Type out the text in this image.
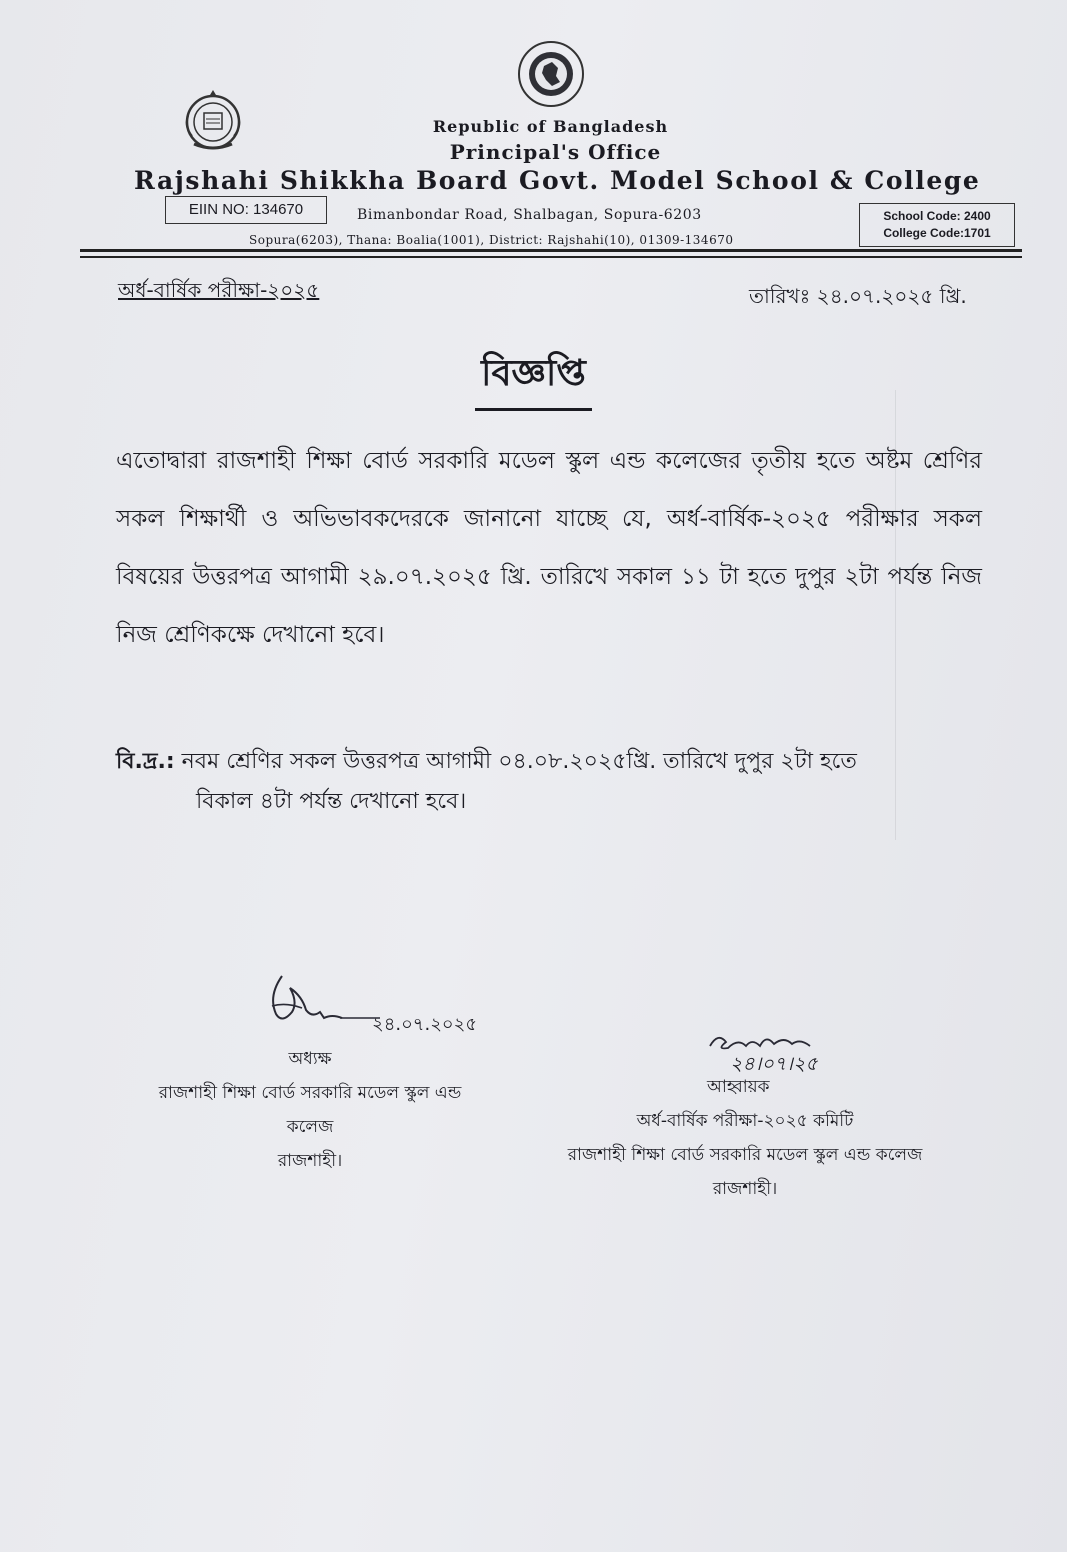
Republic of Bangladesh
Principal's Office
Rajshahi Shikkha Board Govt. Model School & College
EIIN NO: 134670	Bimanbondar Road, Shalbagan, Sopura-6203
Sopura(6203), Thana: Boalia(1001), District: Rajshahi(10), 01309-134670
School Code: 2400
College Code:1701
অর্ধ-বার্ষিক পরীক্ষা-২০২৫	তারিখঃ ২৪.০৭.২০২৫ খ্রি.
বিজ্ঞপ্তি
এতোদ্বারা রাজশাহী শিক্ষা বোর্ড সরকারি মডেল স্কুল এন্ড কলেজের তৃতীয় হতে অষ্টম শ্রেণির সকল শিক্ষার্থী ও অভিভাবকদেরকে জানানো যাচ্ছে যে, অর্ধ-বার্ষিক-২০২৫ পরীক্ষার সকল বিষয়ের উত্তরপত্র আগামী ২৯.০৭.২০২৫ খ্রি. তারিখে সকাল ১১ টা হতে দুপুর ২টা পর্যন্ত নিজ নিজ শ্রেণিকক্ষে দেখানো হবে।
বি.দ্র.: নবম শ্রেণির সকল উত্তরপত্র আগামী ০৪.০৮.২০২৫খ্রি. তারিখে দুপুর ২টা হতে
বিকাল ৪টা পর্যন্ত দেখানো হবে।
২৪.০৭.২০২৫
অধ্যক্ষ
রাজশাহী শিক্ষা বোর্ড সরকারি মডেল স্কুল এন্ড
কলেজ
রাজশাহী।
২৪।০৭।২৫
আহ্বায়ক
অর্ধ-বার্ষিক পরীক্ষা-২০২৫ কমিটি
রাজশাহী শিক্ষা বোর্ড সরকারি মডেল স্কুল এন্ড কলেজ
রাজশাহী।
